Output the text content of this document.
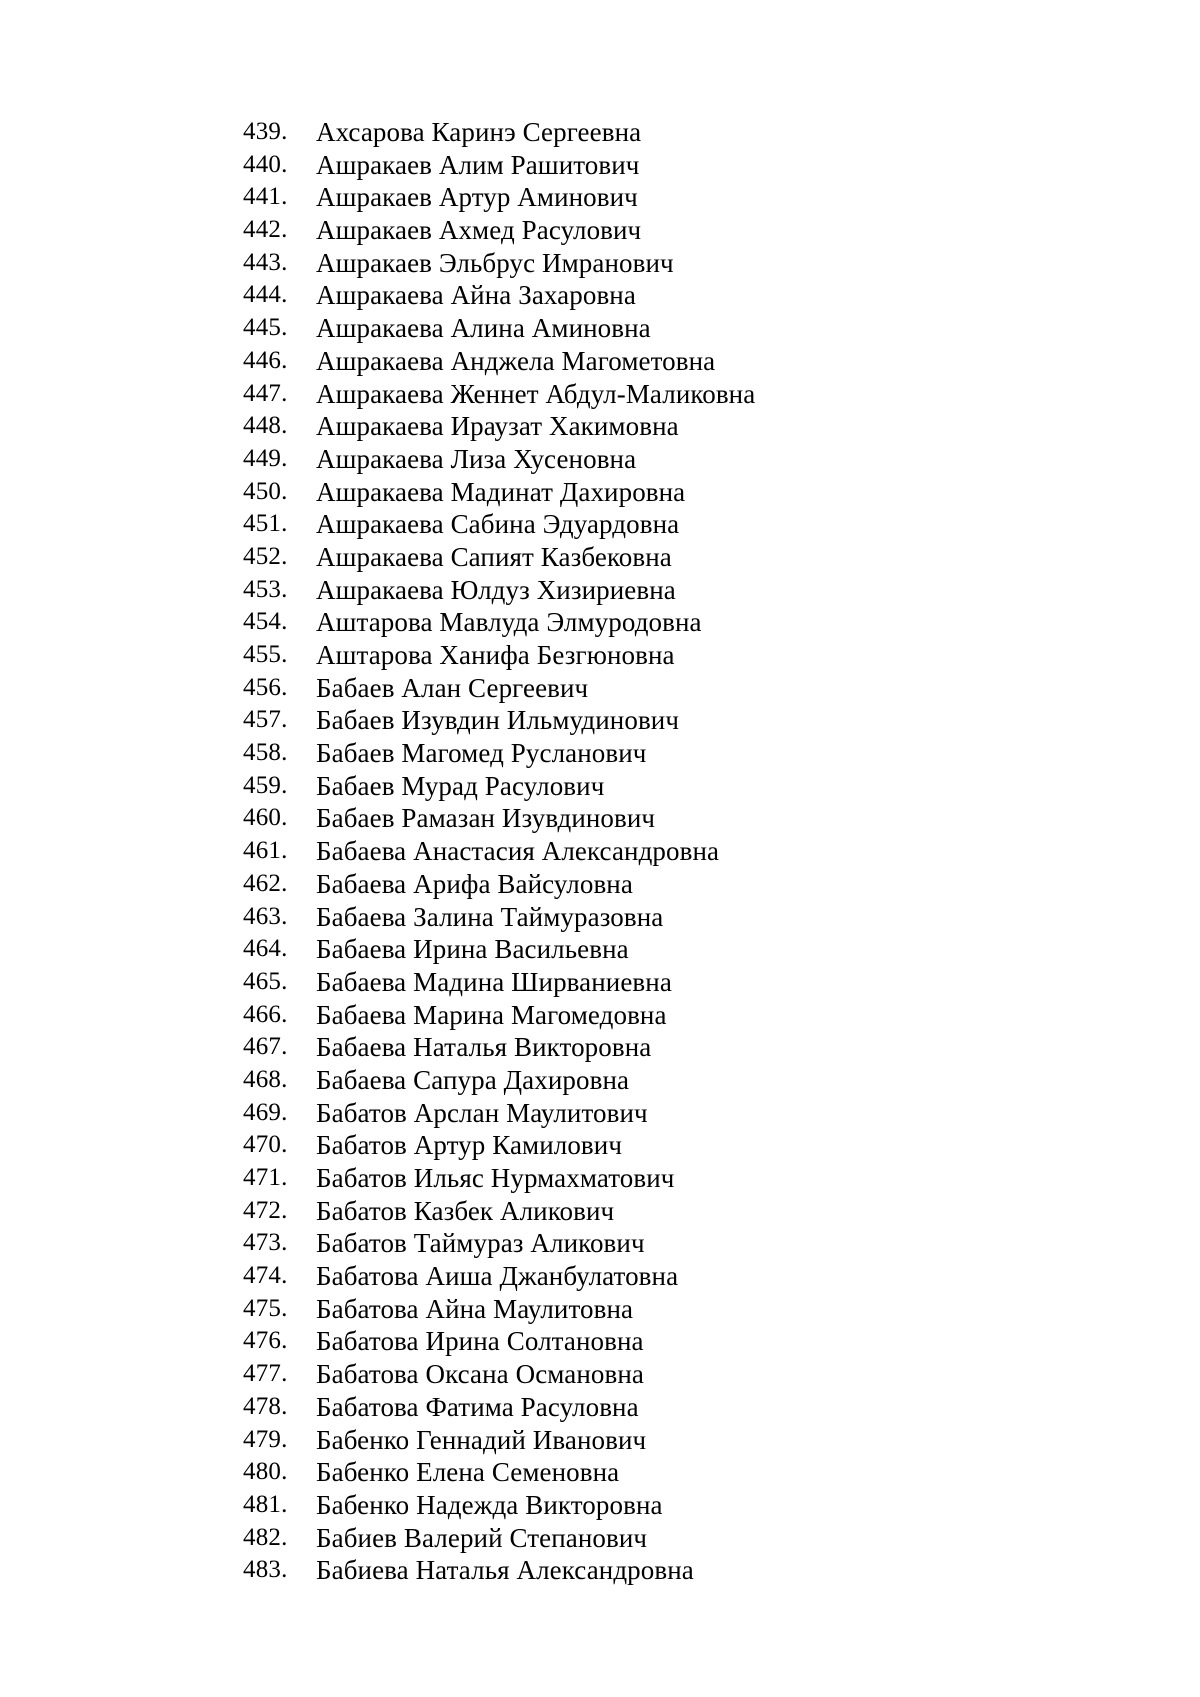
439.	Ахсарова Каринэ Сергеевна
440.	Ашракаев Алим Рашитович
441.	Ашракаев Артур Аминович
442.	Ашракаев Ахмед Расулович
443.	Ашракаев Эльбрус Имранович
444.	Ашракаева Айна Захаровна
445.	Ашракаева Алина Аминовна
446.	Ашракаева Анджела Магометовна
447.	Ашракаева Женнет Абдул-Маликовна
448.	Ашракаева Ираузат Хакимовна
449.	Ашракаева Лиза Хусеновна
450.	Ашракаева Мадинат Дахировна
451.	Ашракаева Сабина Эдуардовна
452.	Ашракаева Сапият Казбековна
453.	Ашракаева Юлдуз Хизириевна
454.	Аштарова Мавлуда Элмуродовна
455.	Аштарова Ханифа Безгюновна
456.	Бабаев Алан Сергеевич
457.	Бабаев Изувдин Ильмудинович
458.	Бабаев Магомед Русланович
459.	Бабаев Мурад Расулович
460.	Бабаев Рамазан Изувдинович
461.	Бабаева Анастасия Александровна
462.	Бабаева Арифа Вайсуловна
463.	Бабаева Залина Таймуразовна
464.	Бабаева Ирина Васильевна
465.	Бабаева Мадина Ширваниевна
466.	Бабаева Марина Магомедовна
467.	Бабаева Наталья Викторовна
468.	Бабаева Сапура Дахировна
469.	Бабатов Арслан Маулитович
470.	Бабатов Артур Камилович
471.	Бабатов Ильяс Нурмахматович
472.	Бабатов Казбек Аликович
473.	Бабатов Таймураз Аликович
474.	Бабатова Аиша Джанбулатовна
475.	Бабатова Айна Маулитовна
476.	Бабатова Ирина Солтановна
477.	Бабатова Оксана Османовна
478.	Бабатова Фатима Расуловна
479.	Бабенко Геннадий Иванович
480.	Бабенко Елена Семеновна
481.	Бабенко Надежда Викторовна
482.	Бабиев Валерий Степанович
483.	Бабиева Наталья Александровна
